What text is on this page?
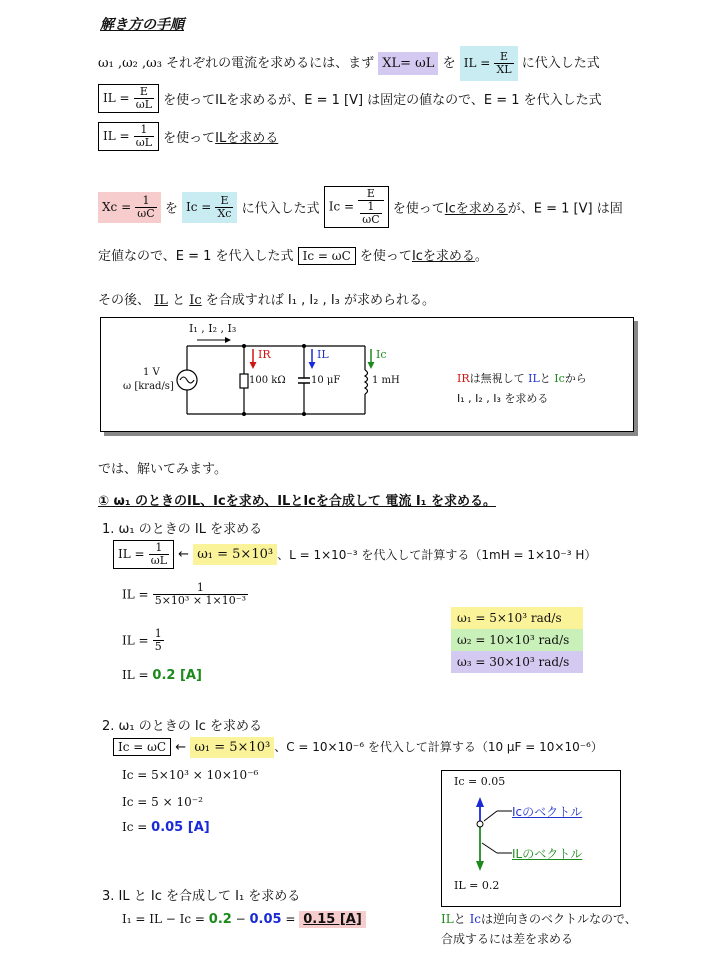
解き方の手順
ω₁ ,ω₂ ,ω₃ それぞれの電流を求めるには、まず XL= ωL を IL = $\frac{E}{XL}$ に代入した式
IL = $\frac{E}{\omega L}$ を使ってILを求めるが、E = 1 [V] は固定の値なので、E = 1 を代入した式
IL = $\frac{1}{\omega L}$ を使ってILを求める
$Xc = \frac{1}{\omega C}$ を $Ic = \frac{E}{Xc}$ に代入した式 $Ic = \frac{E}{\frac{1}{\omega C}}$ を使ってIcを求めるが、E = 1 [V] は固
定値なので、E = 1 を代入した式 Ic = ωC を使ってIcを求める。
その後、 IL と Ic を合成すれば I₁ , I₂ , I₃ が求められる。
I₁ , I₂ , I₃
1 V
ω [krad/s]
IR	IL	Ic
100 kΩ	10 μF	1 mH	IRは無視して ILと Icから
I₁ , I₂ , I₃ を求める
では、解いてみます。
① ω₁ のときのIL、Icを求め、ILとIcを合成して 電流 I₁ を求める。
1. ω₁ のときの IL を求める
IL = $\frac{1}{\omega L}$ ← ω₁ = 5×10³ 、L = 1×10⁻³ を代入して計算する（1mH = 1×10⁻³ H）
IL = $\frac{1}{\text{5×10³ × 1×10⁻³}}$
IL = $\frac{1}{5}$
IL = 0.2 [A]
ω₁ = 5×10³ rad/s
ω₂ = 10×10³ rad/s
ω₃ = 30×10³ rad/s
2. ω₁ のときの Ic を求める
Ic = ωC ← ω₁ = 5×10³ 、C = 10×10⁻⁶ を代入して計算する（10 μF = 10×10⁻⁶）
Ic = 5×10³ × 10×10⁻⁶
Ic = 5 × 10⁻²
Ic = 0.05 [A]
Ic = 0.05
Icのベクトル
ILのベクトル
IL = 0.2
3. IL と Ic を合成して I₁ を求める
I₁ = IL − Ic = 0.2 − 0.05 = 0.15 [A]	ILと Icは逆向きのベクトルなので、
合成するには差を求める
